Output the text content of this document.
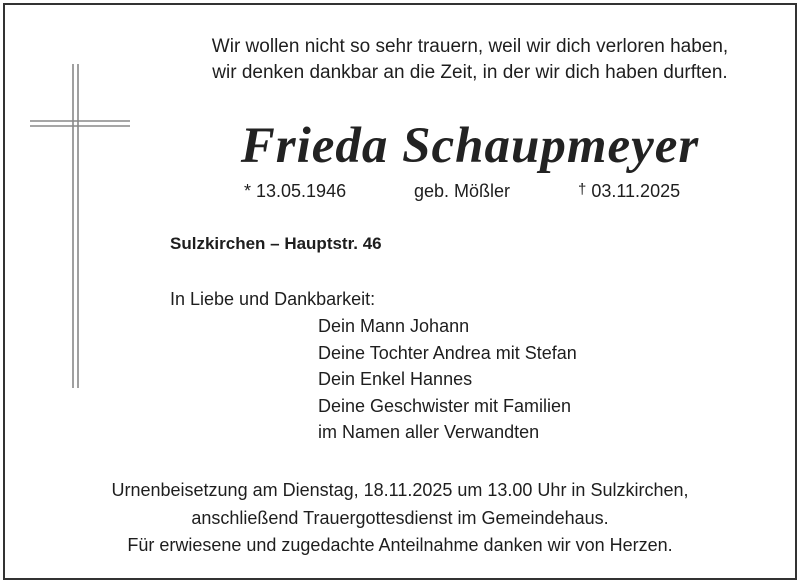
Wir wollen nicht so sehr trauern, weil wir dich verloren haben,
wir denken dankbar an die Zeit, in der wir dich haben durften.
Frieda Schaupmeyer
* 13.05.1946	geb. Mößler	† 03.11.2025
Sulzkirchen – Hauptstr. 46
In Liebe und Dankbarkeit:
Dein Mann Johann
Deine Tochter Andrea mit Stefan
Dein Enkel Hannes
Deine Geschwister mit Familien
im Namen aller Verwandten
Urnenbeisetzung am Dienstag, 18.11.2025 um 13.00 Uhr in Sulzkirchen,
anschließend Trauergottesdienst im Gemeindehaus.
Für erwiesene und zugedachte Anteilnahme danken wir von Herzen.
